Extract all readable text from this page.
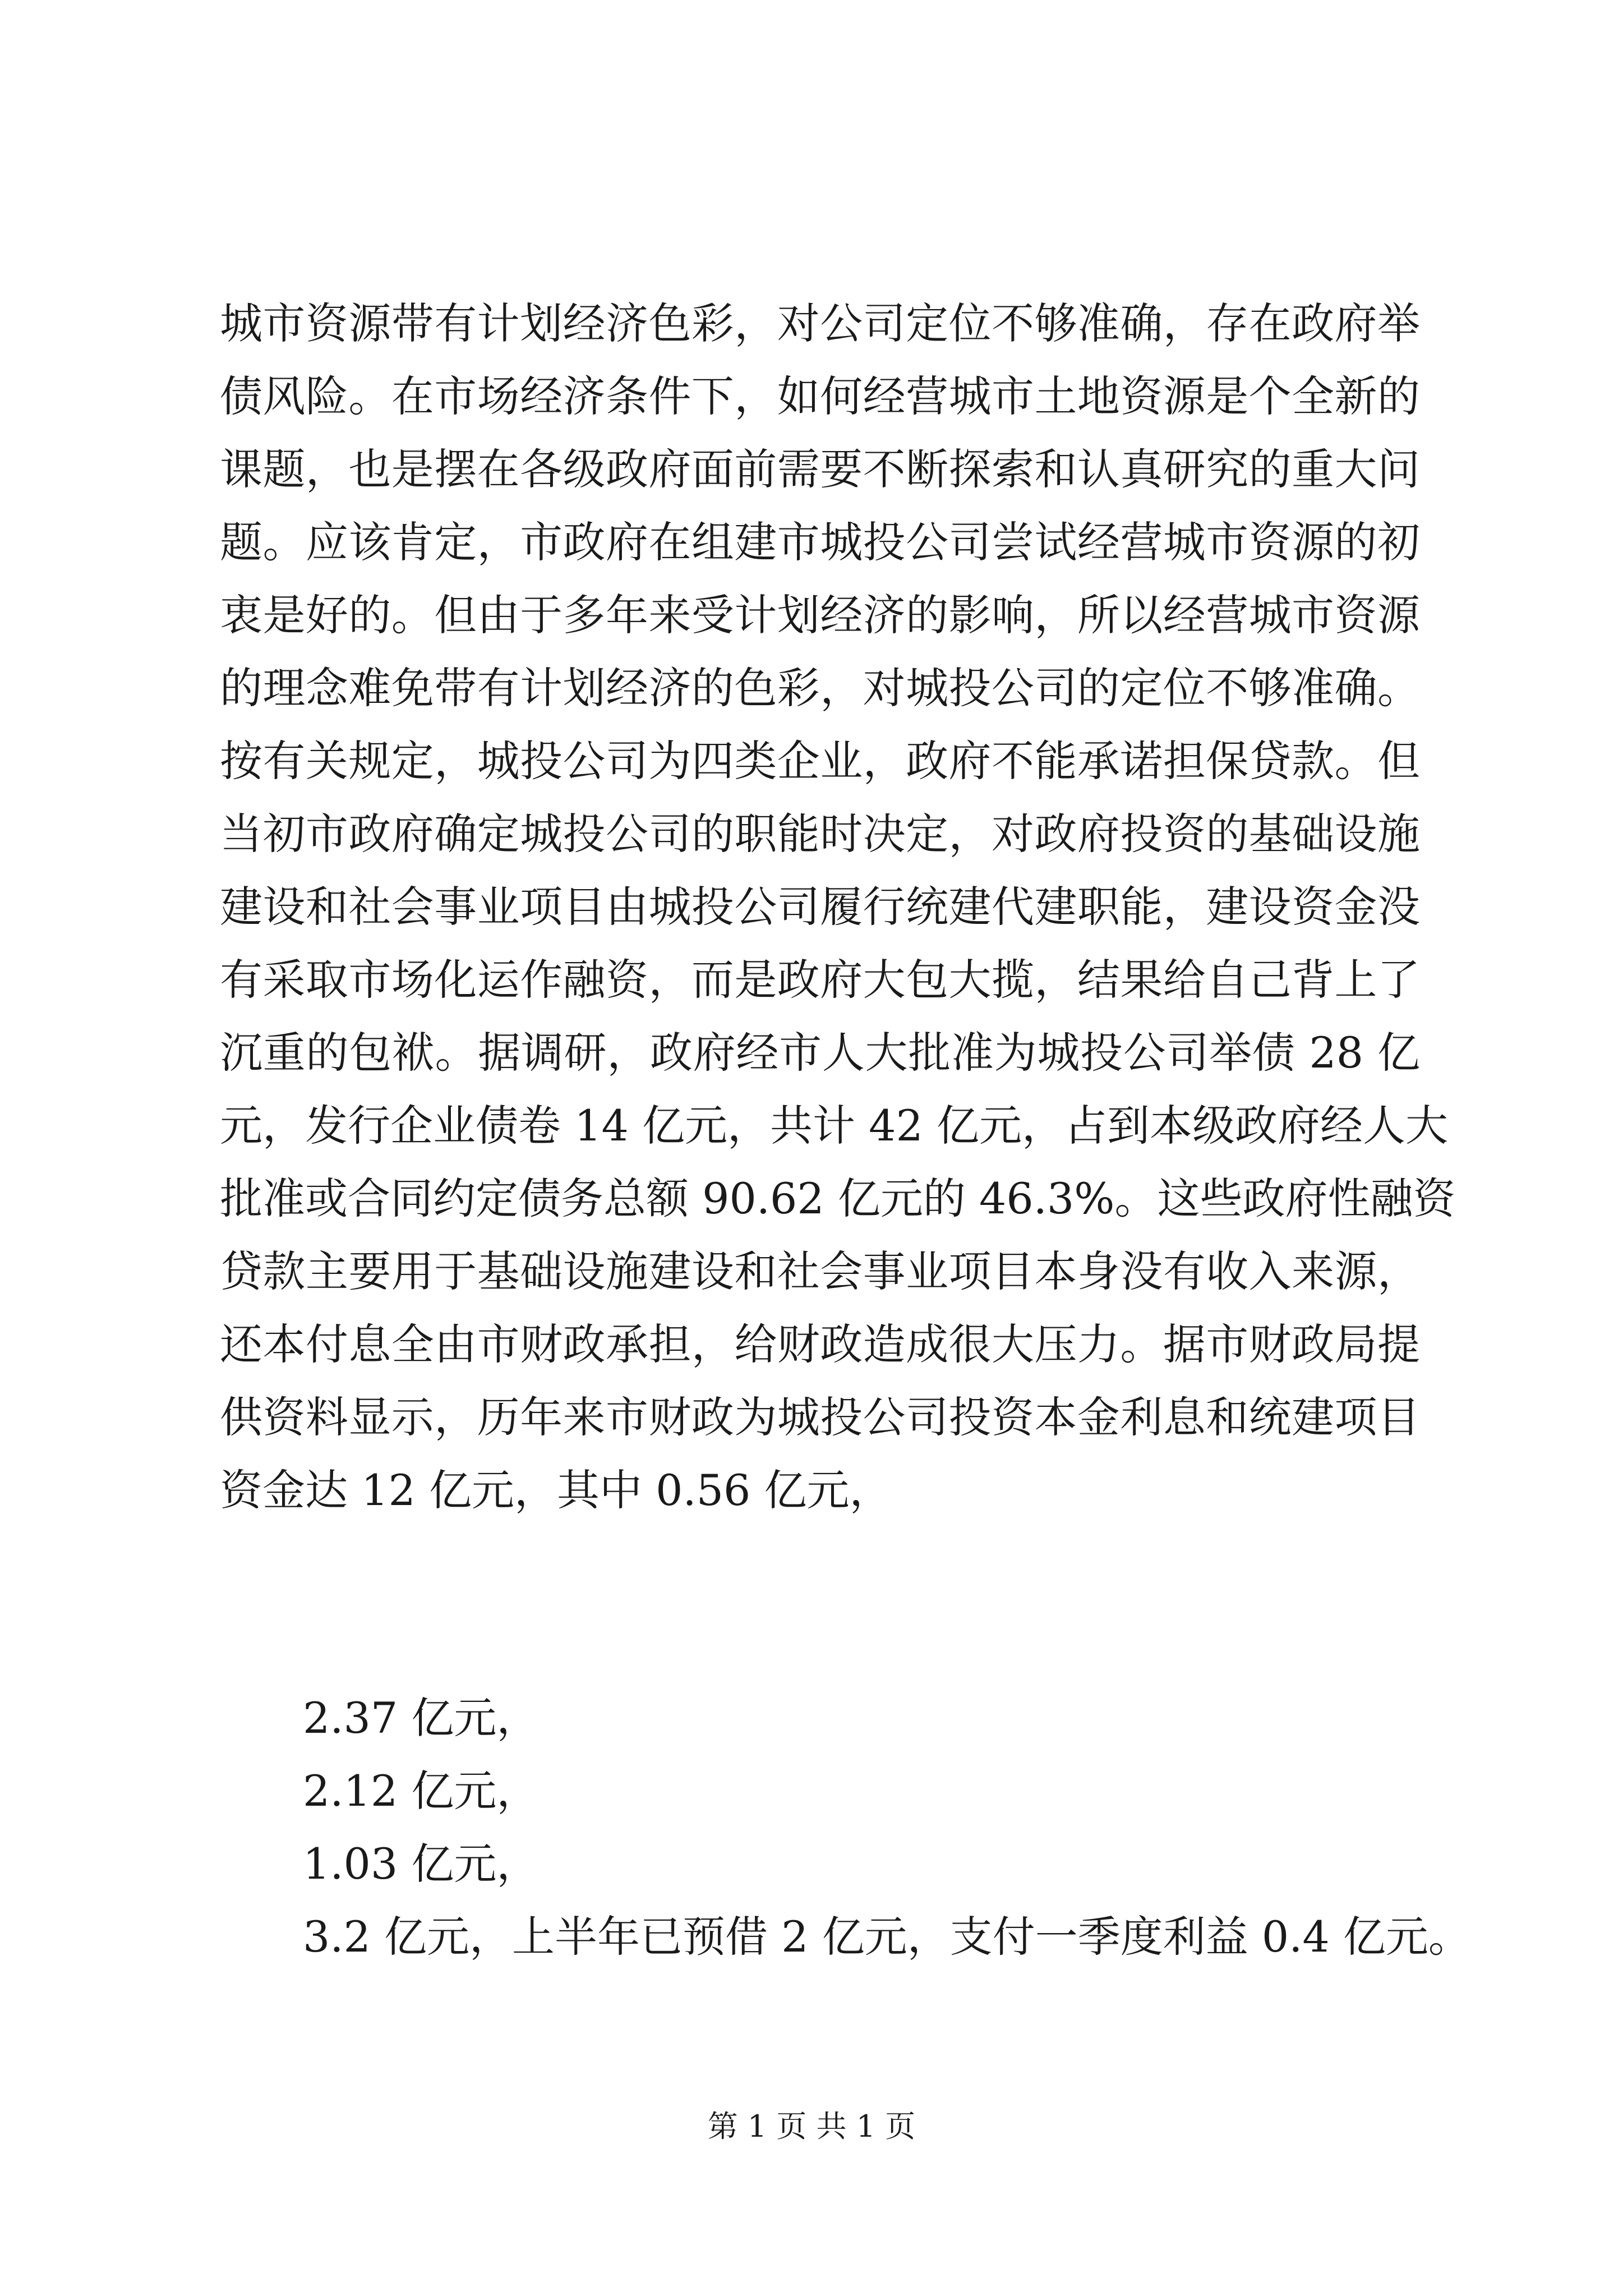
城市资源带有计划经济色彩，对公司定位不够准确，存在政府举
债风险。在市场经济条件下，如何经营城市土地资源是个全新的
课题，也是摆在各级政府面前需要不断探索和认真研究的重大问
题。应该肯定，市政府在组建市城投公司尝试经营城市资源的初
衷是好的。但由于多年来受计划经济的影响，所以经营城市资源
的理念难免带有计划经济的色彩，对城投公司的定位不够准确。
按有关规定，城投公司为四类企业，政府不能承诺担保贷款。但
当初市政府确定城投公司的职能时决定，对政府投资的基础设施
建设和社会事业项目由城投公司履行统建代建职能，建设资金没
有采取市场化运作融资，而是政府大包大揽，结果给自己背上了
沉重的包袱。据调研，政府经市人大批准为城投公司举债 28 亿
元，发行企业债卷 14 亿元，共计 42 亿元，占到本级政府经人大
批准或合同约定债务总额 90.62 亿元的 46.3%。这些政府性融资
贷款主要用于基础设施建设和社会事业项目本身没有收入来源，
还本付息全由市财政承担，给财政造成很大压力。据市财政局提
供资料显示，历年来市财政为城投公司投资本金利息和统建项目
资金达 12 亿元，其中 0.56 亿元，
2.37 亿元，
2.12 亿元，
1.03 亿元，
3.2 亿元，上半年已预借 2 亿元，支付一季度利益 0.4 亿元。
第 1 页 共 1 页
